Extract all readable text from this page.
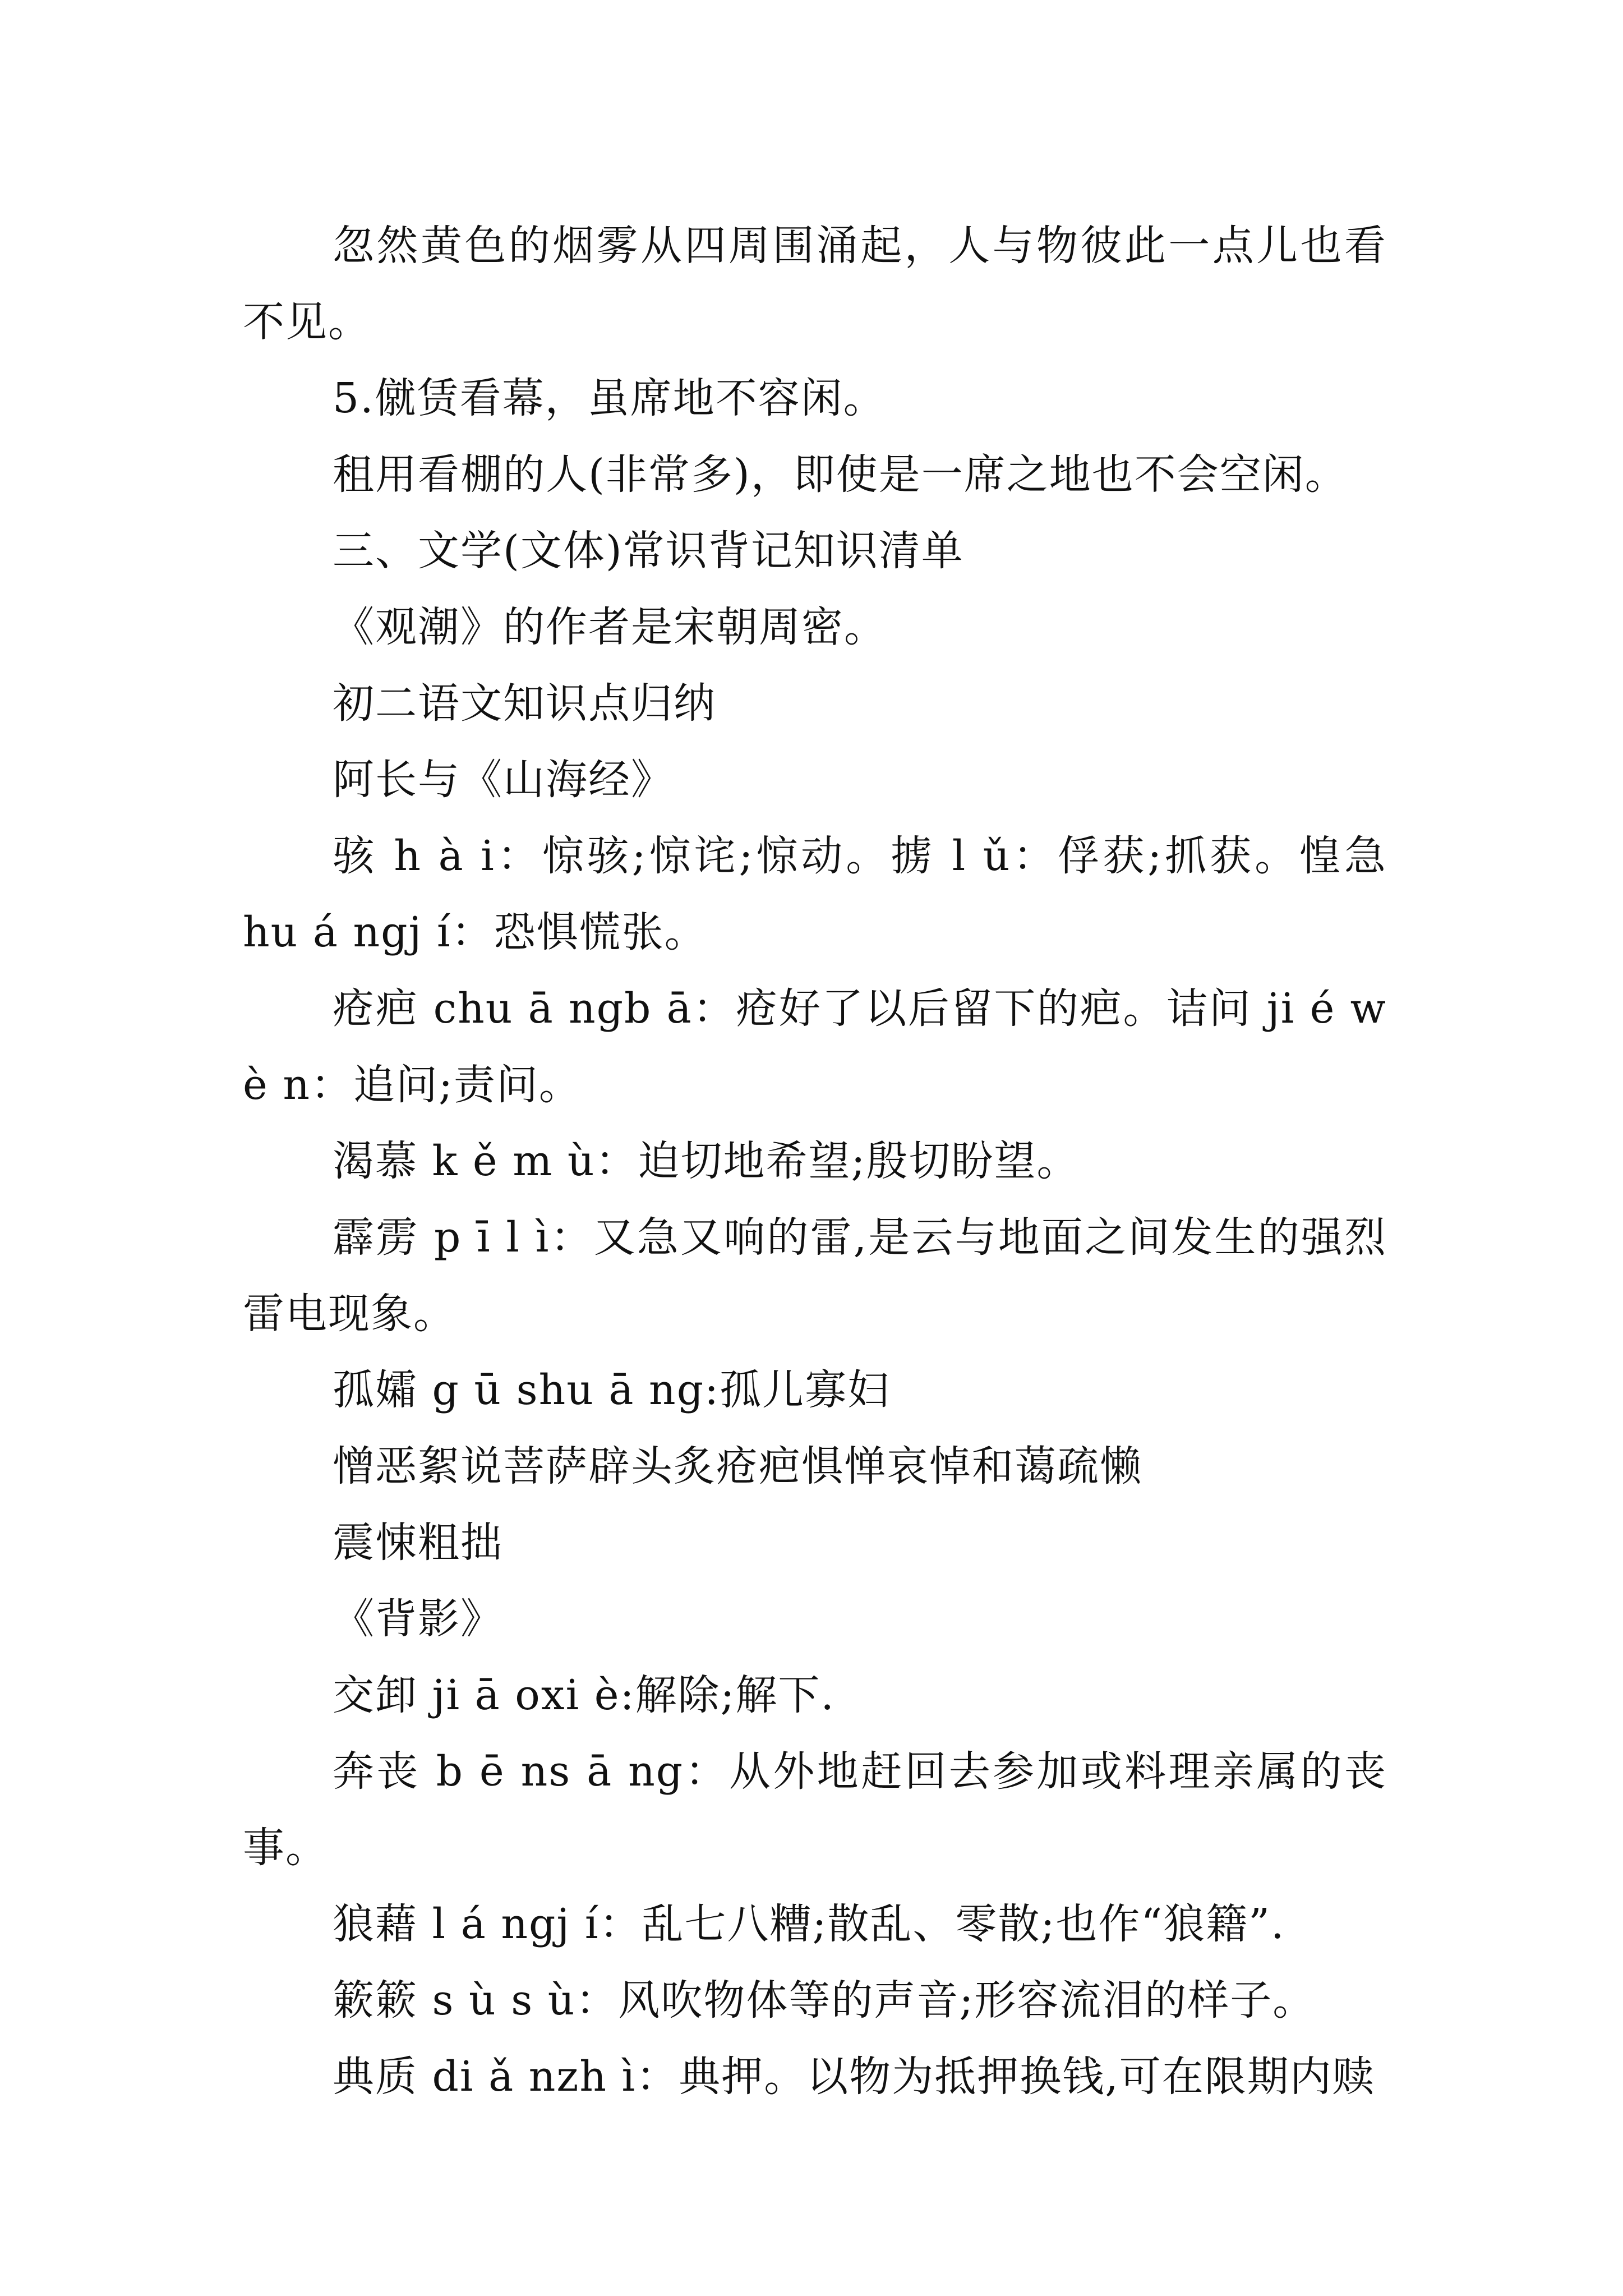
忽然黄色的烟雾从四周围涌起，人与物彼此一点儿也看不见。

5.僦赁看幕，虽席地不容闲。

租用看棚的人(非常多)，即使是一席之地也不会空闲。

三、文学(文体)常识背记知识清单

《观潮》的作者是宋朝周密。

初二语文知识点归纳

阿长与《山海经》

骇 h à i：惊骇;惊诧;惊动。掳 l ǔ：俘获;抓获。惶急 hu á ngj í：恐惧慌张。

疮疤 chu ā ngb ā：疮好了以后留下的疤。诘问 ji é w è n：追问;责问。

渴慕 k ě m ù：迫切地希望;殷切盼望。

霹雳 p ī l ì：又急又响的雷,是云与地面之间发生的强烈雷电现象。

孤孀 g ū shu ā ng:孤儿寡妇

憎恶絮说菩萨辟头炙疮疤惧惮哀悼和蔼疏懒

震悚粗拙

《背影》

交卸 ji ā oxi è:解除;解下.

奔丧 b ē ns ā ng：从外地赶回去参加或料理亲属的丧事。

狼藉 l á ngj í：乱七八糟;散乱、零散;也作“狼籍”.

簌簌 s ù s ù：风吹物体等的声音;形容流泪的样子。

典质 di ǎ nzh ì：典押。以物为抵押换钱,可在限期内赎
